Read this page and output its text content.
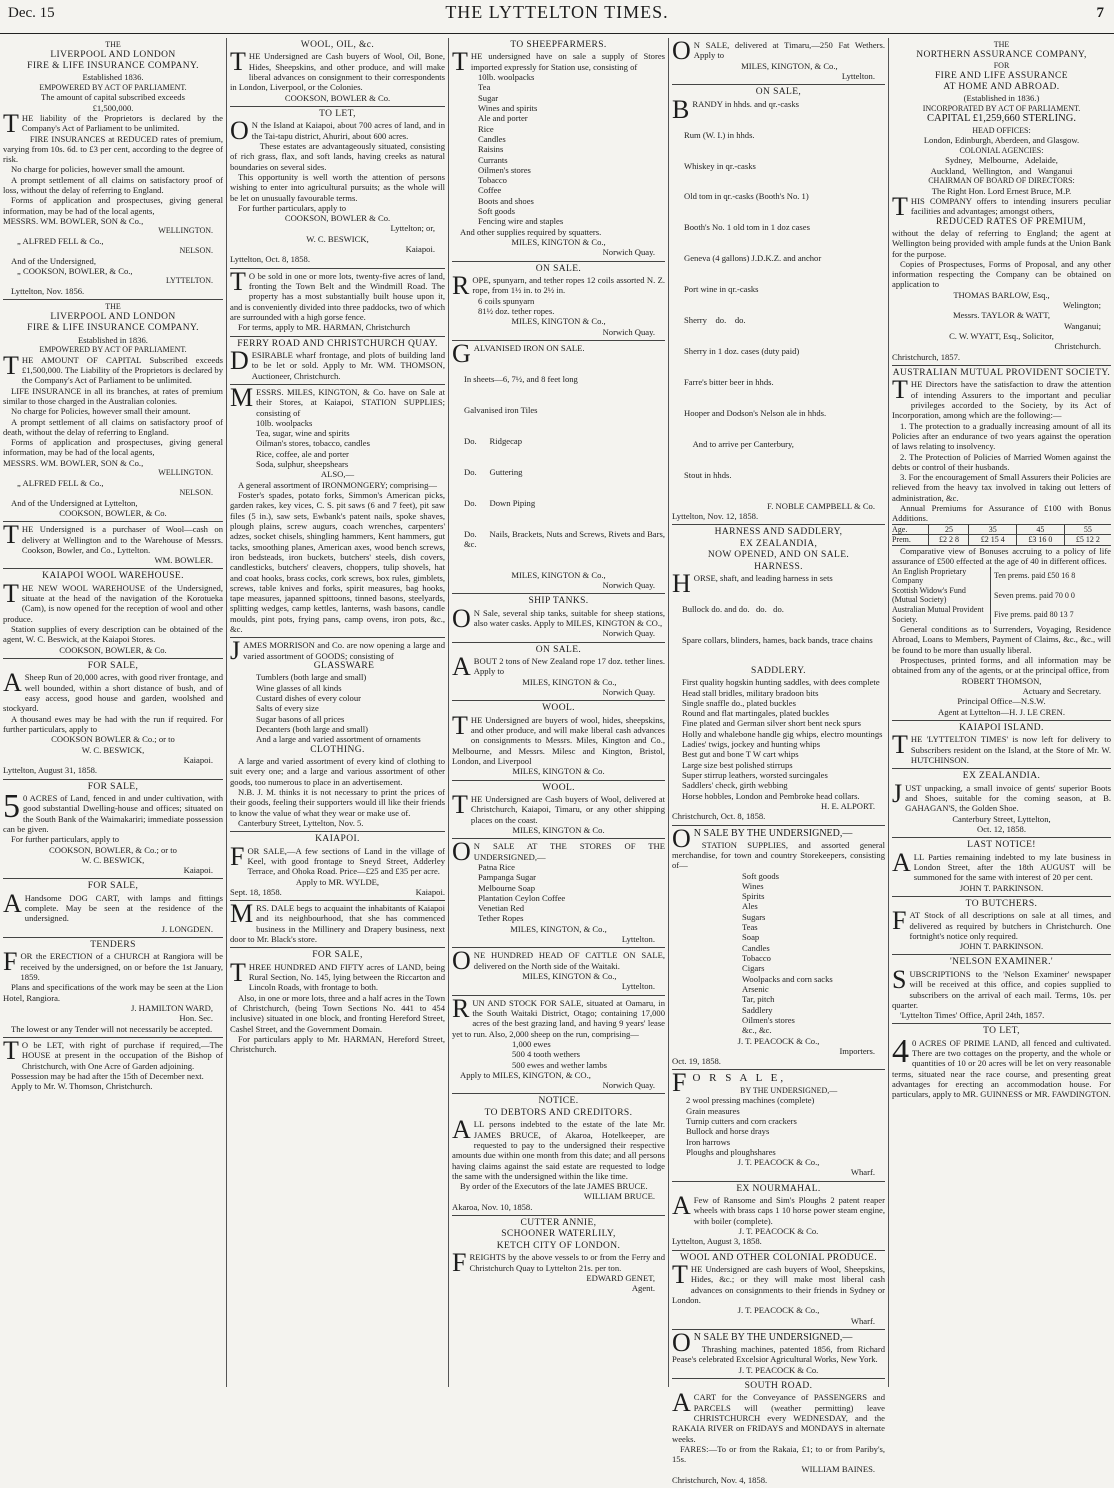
Dec. 15	THE LYTTELTON TIMES.	7
THE
LIVERPOOL AND LONDON
FIRE & LIFE INSURANCE COMPANY.
Established 1836.
EMPOWERED BY ACT OF PARLIAMENT.
The amount of capital subscribed exceeds
£1,500,000.
THE liability of the Proprietors is declared by the Company's Act of Parliament to be unlimited.
FIRE INSURANCES at REDUCED rates of premium, varying from 10s. 6d. to £3 per cent, according to the degree of risk.
No charge for policies, however small the amount.
A prompt settlement of all claims on satisfactory proof of loss, without the delay of referring to England.
Forms of application and prospectuses, giving general information, may be had of the local agents,
MESSRS. WM. BOWLER, SON & Co.,
WELLINGTON.
„ ALFRED FELL & Co.,
NELSON.
And of the Undersigned,
„ COOKSON, BOWLER, & Co.,
LYTTELTON.
Lyttelton, Nov. 1856.
THE
LIVERPOOL AND LONDON
FIRE & LIFE INSURANCE COMPANY.
Established in 1836.
EMPOWERED BY ACT OF PARLIAMENT.
THE AMOUNT OF CAPITAL Subscribed exceeds £1,500,000. The Liability of the Proprietors is declared by the Company's Act of Parliament to be unlimited.
LIFE INSURANCE in all its branches, at rates of premium similar to those charged in the Australian colonies.
No charge for Policies, however small their amount.
A prompt settlement of all claims on satisfactory proof of death, without the delay of referring to England.
Forms of application and prospectuses, giving general information, may be had of the local agents,
MESSRS. WM. BOWLER, SON & Co.,
WELLINGTON.
„ ALFRED FELL & Co.,
NELSON.
And of the Undersigned at Lyttelton,
COOKSON, BOWLER, & Co.
THE Undersigned is a purchaser of Wool—cash on delivery at Wellington and to the Warehouse of Messrs. Cookson, Bowler, and Co., Lyttelton.
WM. BOWLER.
KAIAPOI WOOL WAREHOUSE.
THE NEW WOOL WAREHOUSE of the Undersigned, situate at the head of the navigation of the Korotueka (Cam), is now opened for the reception of wool and other produce.
Station supplies of every description can be obtained of the agent, W. C. Beswick, at the Kaiapoi Stores.
COOKSON, BOWLER, & Co.
FOR SALE,
ASheep Run of 20,000 acres, with good river frontage, and well bounded, within a short distance of bush, and of easy access, good house and garden, woolshed and stockyard.
A thousand ewes may be had with the run if required. For further particulars, apply to
COOKSON BOWLER & Co.; or to
W. C. BESWICK,
Kaiapoi.
Lyttelton, August 31, 1858.
FOR SALE,
50 ACRES of Land, fenced in and under cultivation, with good substantial Dwelling-house and offices; situated on the South Bank of the Waimakariri; immediate possession can be given.
For further particulars, apply to
COOKSON, BOWLER, & Co.; or to
W. C. BESWICK,
Kaiapoi.
FOR SALE,
AHandsome DOG CART, with lamps and fittings complete. May be seen at the residence of the undersigned.
J. LONGDEN.
TENDERS
FOR the ERECTION of a CHURCH at Rangiora will be received by the undersigned, on or before the 1st January, 1859.
Plans and specifications of the work may be seen at the Lion Hotel, Rangiora.
J. HAMILTON WARD,
Hon. Sec.
The lowest or any Tender will not necessarily be accepted.
TO be LET, with right of purchase if required,—The HOUSE at present in the occupation of the Bishop of Christchurch, with One Acre of Garden adjoining.
Possession may be had after the 15th of December next.
Apply to Mr. W. Thomson, Christchurch.
WOOL, OIL, &c.
THE Undersigned are Cash buyers of Wool, Oil, Bone, Hides, Sheepskins, and other produce, and will make liberal advances on consignment to their correspondents in London, Liverpool, or the Colonies.
COOKSON, BOWLER & Co.
TO LET,
ON the Island at Kaiapoi, about 700 acres of land, and in the Tai-tapu district, Ahuriri, about 600 acres.
These estates are advantageously situated, consisting of rich grass, flax, and soft lands, having creeks as natural boundaries on several sides.
This opportunity is well worth the attention of persons wishing to enter into agricultural pursuits; as the whole will be let on unusually favourable terms.
For further particulars, apply to
COOKSON, BOWLER & Co.
Lyttelton; or,
W. C. BESWICK,
Kaiapoi.
Lyttelton, Oct. 8, 1858.
TO be sold in one or more lots, twenty-five acres of land, fronting the Town Belt and the Windmill Road. The property has a most substantially built house upon it, and is conveniently divided into three paddocks, two of which are surrounded with a high gorse fence.
For terms, apply to MR. HARMAN, Christchurch
FERRY ROAD AND CHRISTCHURCH QUAY.
DESIRABLE wharf frontage, and plots of building land to be let or sold. Apply to Mr. WM. THOMSON, Auctioneer, Christchurch.
MESSRS. MILES, KINGTON, & Co. have on Sale at their Stores, at Kaiapoi, STATION SUPPLIES; consisting of
10lb. woolpacks
Tea, sugar, wine and spirits
Oilman's stores, tobacco, candles
Rice, coffee, ale and porter
Soda, sulphur, sheepshears
ALSO,—
A general assortment of IRONMONGERY; comprising—
Foster's spades, potato forks, Simmon's American picks, garden rakes, key vices, C. S. pit saws (6 and 7 feet), pit saw files (5 in.), saw sets, Ewbank's patent nails, spoke shaves, plough plains, screw augurs, coach wrenches, carpenters' adzes, socket chisels, shingling hammers, Kent hammers, gut tacks, smoothing planes, American axes, wood bench screws, iron bedsteads, iron buckets, butchers' steels, dish covers, candlesticks, butchers' cleavers, choppers, tulip shovels, hat and coat hooks, brass cocks, cork screws, box rules, gimblets, screws, table knives and forks, spirit measures, bag hooks, tape measures, japanned spittoons, tinned basons, steelyards, splitting wedges, camp kettles, lanterns, wash basons, candle moulds, pint pots, frying pans, camp ovens, iron pots, &c., &c.
JAMES MORRISON and Co. are now opening a large and varied assortment of GOODS; consisting of
GLASSWARE
Tumblers (both large and small)
Wine glasses of all kinds
Custard dishes of every colour
Salts of every size
Sugar basons of all prices
Decanters (both large and small)
And a large and varied assortment of ornaments
CLOTHING.
A large and varied assortment of every kind of clothing to suit every one; and a large and various assortment of other goods, too numerous to place in an advertisement.
N.B. J. M. thinks it is not necessary to print the prices of their goods, feeling their supporters would ill like their friends to know the value of what they wear or make use of.
Canterbury Street, Lyttelton, Nov. 5.
KAIAPOI.
FOR SALE,—A few sections of Land in the village of Keel, with good frontage to Sneyd Street, Adderley Terrace, and Ohoka Road. Price—£25 and £35 per acre.
Apply to MR. WYLDE,
Sept. 18, 1858.	Kaiapoi.
MRS. DALE begs to acquaint the inhabitants of Kaiapoi and its neighbourhood, that she has commenced business in the Millinery and Drapery business, next door to Mr. Black's store.
FOR SALE,
THREE HUNDRED AND FIFTY acres of LAND, being Rural Section, No. 145, lying between the Riccarton and Lincoln Roads, with frontage to both.
Also, in one or more lots, three and a half acres in the Town of Christchurch, (being Town Sections No. 441 to 454 inclusive) situated in one block, and fronting Hereford Street, Cashel Street, and the Government Domain.
For particulars apply to Mr. HARMAN, Hereford Street, Christchurch.
TO SHEEPFARMERS.
THE undersigned have on sale a supply of Stores imported expressly for Station use, consisting of
10lb. woolpacks
Tea
Sugar
Wines and spirits
Ale and porter
Rice
Candles
Raisins
Currants
Oilmen's stores
Tobacco
Coffee
Boots and shoes
Soft goods
Fencing wire and staples
And other supplies required by squatters.
MILES, KINGTON & Co.,
Norwich Quay.
ON SALE.
ROPE, spunyarn, and tether ropes 12 coils assorted N. Z. rope, from 1½ in. to 2½ in.
6 coils spunyarn
81½ doz. tether ropes.
MILES, KINGTON & Co.,
Norwich Quay.
GALVANISED IRON ON SALE.

In sheets—6, 7½, and 8 feet long

Galvanised iron Tiles

Do.      Ridgecap

Do.      Guttering

Do.      Down Piping

Do.      Nails, Brackets, Nuts and Screws, Rivets and Bars, &c.

MILES, KINGTON & Co.,
Norwich Quay.
SHIP TANKS.
ON Sale, several ship tanks, suitable for sheep stations, also water casks. Apply to MILES, KINGTON & CO.,
Norwich Quay.
ON SALE.
ABOUT 2 tons of New Zealand rope 17 doz. tether lines. Apply to
MILES, KINGTON & Co.,
Norwich Quay.
WOOL.
THE Undersigned are buyers of wool, hides, sheepskins, and other produce, and will make liberal cash advances on consignments to Messrs. Miles, Kington and Co., Melbourne, and Messrs. Milesc and Kington, Bristol, London, and Liverpool
MILES, KINGTON & Co.
WOOL.
THE Undersigned are Cash buyers of Wool, delivered at Christchurch, Kaiapoi, Timaru, or any other shipping places on the coast.
MILES, KINGTON & Co.
ON SALE AT THE STORES OF THE UNDERSIGNED,—
Patna Rice
Pampanga Sugar
Melbourne Soap
Plantation Ceylon Coffee
Venetian Red
Tether Ropes
MILES, KINGTON, & Co.,
Lyttelton.
ONE HUNDRED HEAD OF CATTLE ON SALE, delivered on the North side of the Waitaki.
MILES, KINGTON & Co.,
Lyttelton.
RUN AND STOCK FOR SALE, situated at Oamaru, in the South Waitaki District, Otago; containing 17,000 acres of the best grazing land, and having 9 years' lease yet to run. Also, 2,000 sheep on the run, comprising—
1,000 ewes
500 4 tooth wethers
500 ewes and wether lambs
Apply to MILES, KINGTON, & CO.,
Norwich Quay.
NOTICE.
TO DEBTORS AND CREDITORS.
ALL persons indebted to the estate of the late Mr. JAMES BRUCE, of Akaroa, Hotelkeeper, are requested to pay to the undersigned their respective amounts due within one month from this date; and all persons having claims against the said estate are requested to lodge the same with the undersigned within the like time.
By order of the Executors of the late JAMES BRUCE.
WILLIAM BRUCE.
Akaroa, Nov. 10, 1858.
CUTTER ANNIE,
SCHOONER WATERLILY,
KETCH CITY OF LONDON.
FREIGHTS by the above vessels to or from the Ferry and Christchurch Quay to Lyttelton 21s. per ton.
EDWARD GENET,
Agent.
ON SALE, delivered at Timaru,—250 Fat Wethers. Apply to
MILES, KINGTON, & Co.,
Lyttelton.
ON SALE,
BRANDY in hhds. and qr.-casks

Rum (W. I.) in hhds.

Whiskey in qr.-casks

Old tom in qr.-casks (Booth's No. 1)

Booth's No. 1 old tom in 1 doz cases

Geneva (4 gallons) J.D.K.Z. and anchor

Port wine in qr.-casks

Sherry    do.    do.

Sherry in 1 doz. cases (duty paid)

Farre's bitter beer in hhds.

Hooper and Dodson's Nelson ale in hhds.

And to arrive per Canterbury,

Stout in hhds.

F. NOBLE CAMPBELL & Co.
Lyttelton, Nov. 12, 1858.
HARNESS AND SADDLERY,
EX ZEALANDIA,
NOW OPENED, AND ON SALE.
HARNESS.
HORSE, shaft, and leading harness in sets

Bullock do. and do.   do.   do.

Spare collars, blinders, hames, back bands, trace chains

SADDLERY.
First quality hogskin hunting saddles, with dees complete
Head stall bridles, military bradoon bits
Single snaffle do., plated buckles
Round and flat martingales, plated buckles
Fine plated and German silver short bent neck spurs
Holly and whalebone handle gig whips, electro mountings
Ladies' twigs, jockey and hunting whips
Best gut and bone T W cart whips
Large size best polished stirrups
Super stirrup leathers, worsted surcingales
Saddlers' check, girth webbing
Horse hobbles, London and Pembroke head collars.
H. E. ALPORT.
Christchurch, Oct. 8, 1858.
ON SALE BY THE UNDERSIGNED,—
STATION SUPPLIES, and assorted general merchandise, for town and country Storekeepers, consisting of—
Soft goods
Wines
Spirits
Ales
Sugars
Teas
Soap
Candles
Tobacco
Cigars
Woolpacks and corn sacks
Arsenic
Tar, pitch
Saddlery
Oilmen's stores
&c., &c.
J. T. PEACOCK & Co.,
Importers.
Oct. 19, 1858.
FO R S A L E,
BY THE UNDERSIGNED,—
2 wool pressing machines (complete)
Grain measures
Turnip cutters and corn crackers
Bullock and horse drays
Iron harrows
Ploughs and ploughshares
J. T. PEACOCK & Co.,
Wharf.
EX NOURMAHAL.
AFew of Ransome and Sim's Ploughs 2 patent reaper wheels with brass caps 1 10 horse power steam engine, with boiler (complete).
J. T. PEACOCK & Co.
Lyttelton, August 3, 1858.
WOOL AND OTHER COLONIAL PRODUCE.
THE Undersigned are cash buyers of Wool, Sheepskins, Hides, &c.; or they will make most liberal cash advances on consignments to their friends in Sydney or London.
J. T. PEACOCK & Co.,
Wharf.
ON SALE BY THE UNDERSIGNED,—
Thrashing machines, patented 1856, from Richard Pease's celebrated Excelsior Agricultural Works, New York.
J. T. PEACOCK & Co.
SOUTH ROAD.
ACART for the Conveyance of PASSENGERS and PARCELS will (weather permitting) leave CHRISTCHURCH every WEDNESDAY, and the RAKAIA RIVER on FRIDAYS and MONDAYS in alternate weeks.
FARES:—To or from the Rakaia, £1; to or from Pariby's, 15s.
WILLIAM BAINES.
Christchurch, Nov. 4, 1858.
THE
NORTHERN ASSURANCE COMPANY,
FOR
FIRE AND LIFE ASSURANCE
AT HOME AND ABROAD.
(Established in 1836.)
INCORPORATED BY ACT OF PARLIAMENT.
CAPITAL £1,259,660 STERLING.
HEAD OFFICES:
London, Edinburgh, Aberdeen, and Glasgow.
COLONIAL AGENCIES:
Sydney,   Melbourne,   Adelaide,
Auckland,   Wellington,   and   Wanganui
CHAIRMAN OF BOARD OF DIRECTORS:
The Right Hon. Lord Ernest Bruce, M.P.
THIS COMPANY offers to intending insurers peculiar facilities and advantages; amongst others,
REDUCED RATES OF PREMIUM,
without the delay of referring to England; the agent at Wellington being provided with ample funds at the Union Bank for the purpose.
Copies of Prospectuses, Forms of Proposal, and any other information respecting the Company can be obtained on application to
THOMAS BARLOW, Esq.,
Welington;
Messrs. TAYLOR & WATT,
Wanganui;
C. W. WYATT, Esq., Solicitor,
Christchurch.
Christchurch, 1857.
AUSTRALIAN MUTUAL PROVIDENT SOCIETY.
THE Directors have the satisfaction to draw the attention of intending Assurers to the important and peculiar privileges accorded to the Society, by its Act of Incorporation, among which are the following:—
1. The protection to a gradually increasing amount of all its Policies after an endurance of two years against the operation of laws relating to insolvency.
2. The Protection of Policies of Married Women against the debts or control of their husbands.
3. For the encouragement of Small Assurers their Policies are relieved from the heavy tax involved in taking out letters of administration, &c.
Annual Premiums for Assurance of £100 with Bonus Additions.
Age.	25	35	45	55
Prem.	£2 2 8	£2 15 4	£3 16 0	£5 12 2
Comparative view of Bonuses accruing to a policy of life assurance of £500 effected at the age of 40 in different offices.
An English Proprietary Company	Ten prems. paid £50 16 8
Scottish Widow's Fund (Mutual Society)	Seven prems. paid 70 0 0
Australian Mutual Provident Society.	Five prems. paid 80 13 7
General conditions as to Surrenders, Voyaging, Residence Abroad, Loans to Members, Payment of Claims, &c., &c., will be found to be more than usually liberal.
Prospectuses, printed forms, and all information may be obtained from any of the agents, or at the principal office, from
ROBERT THOMSON,
Actuary and Secretary.
Principal Office—N.S.W.
Agent at Lyttelton—H. J. LE CREN.
KAIAPOI ISLAND.
THE 'LYTTELTON TIMES' is now left for delivery to Subscribers resident on the Island, at the Store of Mr. W. HUTCHINSON.
EX ZEALANDIA.
JUST unpacking, a small invoice of gents' superior Boots and Shoes, suitable for the coming season, at B. GAHAGAN'S, the Golden Shoe.
Canterbury Street, Lyttelton,
Oct. 12, 1858.
LAST NOTICE!
ALL Parties remaining indebted to my late business in London Street, after the 18th AUGUST will be summoned for the same with interest of 20 per cent.
JOHN T. PARKINSON.
TO BUTCHERS.
FAT Stock of all descriptions on sale at all times, and delivered as required by butchers in Christchurch. One fortnight's notice only required.
JOHN T. PARKINSON.
'NELSON EXAMINER.'
SUBSCRIPTIONS to the 'Nelson Examiner' newspaper will be received at this office, and copies supplied to subscribers on the arrival of each mail. Terms, 10s. per quarter.
'Lyttelton Times' Office, April 24th, 1857.
TO LET,
40 ACRES OF PRIME LAND, all fenced and cultivated. There are two cottages on the property, and the whole or quantities of 10 or 20 acres will be let on very reasonable terms, situated near the race course, and presenting great advantages for erecting an accommodation house. For particulars, apply to MR. GUINNESS or MR. FAWDINGTON.
